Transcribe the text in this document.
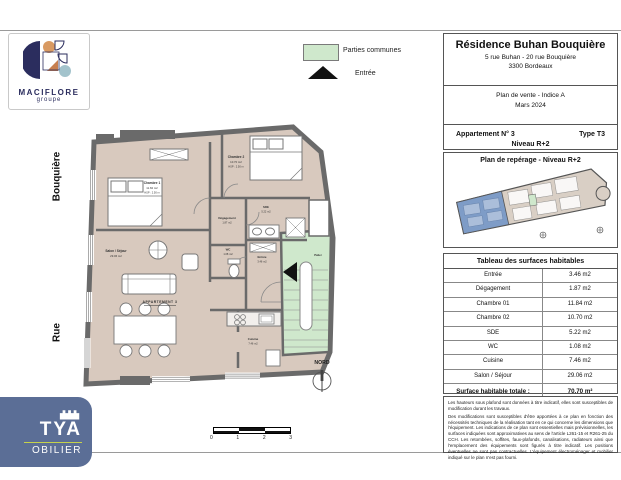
MACIFLORE
groupe
Parties communes
Entrée
Bouquière
Rue
Chambre 1
11.84 m2
HSP : 2.50 m
Chambre 2
10.70 m2
HSP : 2.50 m
Dégagement
1.87 m2
SDE
5.22 m2
WC
1.08 m2
Entrée
3.46 m2
Cuisine
7.46 m2
Salon / Séjour
29.06 m2
APPARTEMENT 3
Palier
NORD
0	1	2	3
TYA
OBILIER
Résidence Buhan Bouquière
5 rue Buhan - 20 rue Bouquière
3300 Bordeaux
Plan de vente - Indice A
Mars 2024
Appartement N° 3	Type T3
Niveau R+2
Plan de repérage - Niveau R+2
Tableau des surfaces habitables
Entrée	3.46 m2
Dégagement	1.87 m2
Chambre 01	11.84 m2
Chambre 02	10.70 m2
SDE	5.22 m2
WC	1.08 m2
Cuisine	7.46 m2
Salon / Séjour	29.06 m2
Surface habitable totale :	70.70 m²

Les hauteurs sous plafond sont données à titre indicatif, elles sont susceptibles de modification durant les travaux.

Des modifications sont susceptibles d'être apportées à ce plan en fonction des nécessités techniques de la réalisation tant en ce qui concerne les dimensions que l'équipement. Les indications de ce plan sont essentielles mais prévisionnelles, les surfaces indiquées sont approximatives au sens de l'article L261-15 et R261-25 du CCH. Les retombées, soffites, faux-plafonds, canalisations, radiateurs ainsi que l'emplacement des équipements sont figurés à titre indicatif. Les positions éventuelles ne sont pas contractuelles. L'équipement électroménager et mobilier indiqué sur le plan n'est pas fourni.
